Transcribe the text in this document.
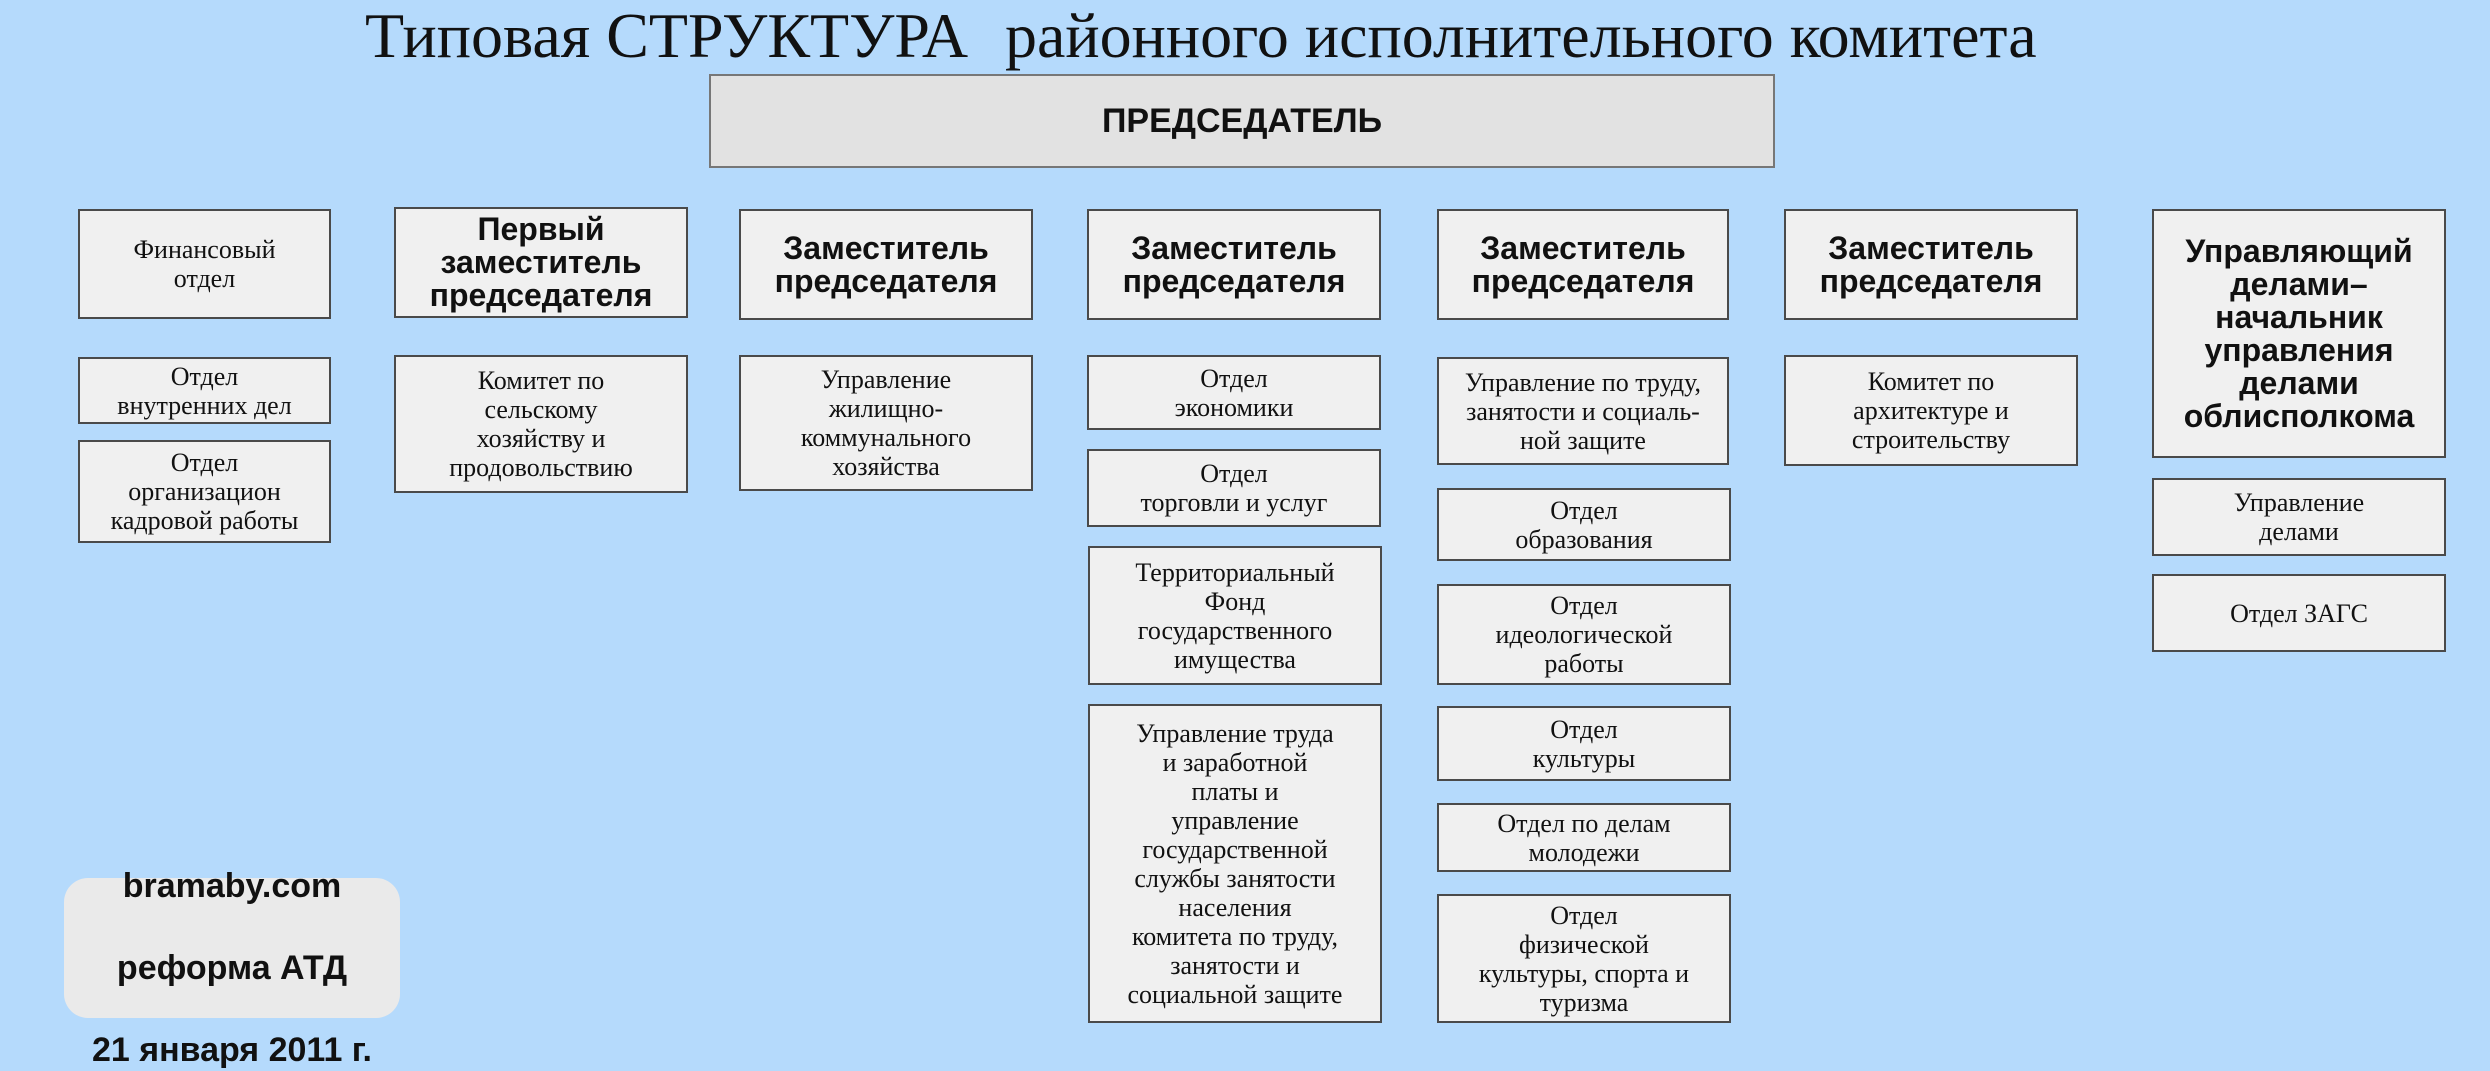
Типовая СТРУКТУРА районного исполнительного комитета
ПРЕДСЕДАТЕЛЬ
Финансовый
отдел
Отдел
внутренних дел
Отдел
организацион
кадровой работы
Первый
заместитель
председателя
Комитет по
сельскому
хозяйству и
продовольствию
Заместитель
председателя
Управление
жилищно-
коммунального
хозяйства
Заместитель
председателя
Отдел
экономики
Отдел
торговли и услуг
Территориальный
Фонд
государственного
имущества
Управление труда
и заработной
платы и
управление
государственной
службы занятости
населения
комитета по труду,
занятости и
социальной защите
Заместитель
председателя
Управление по труду,
занятости и социаль-
ной защите
Отдел
образования
Отдел
идеологической
работы
Отдел
культуры
Отдел по делам
молодежи
Отдел
физической
культуры, спорта и
туризма
Заместитель
председателя
Комитет по
архитектуре и
строительству
Управляющий
делами–
начальник
управления
делами
облисполкома
Управление
делами
Отдел ЗАГС

bramaby.com

реформа АТД

21 января 2011 г.
